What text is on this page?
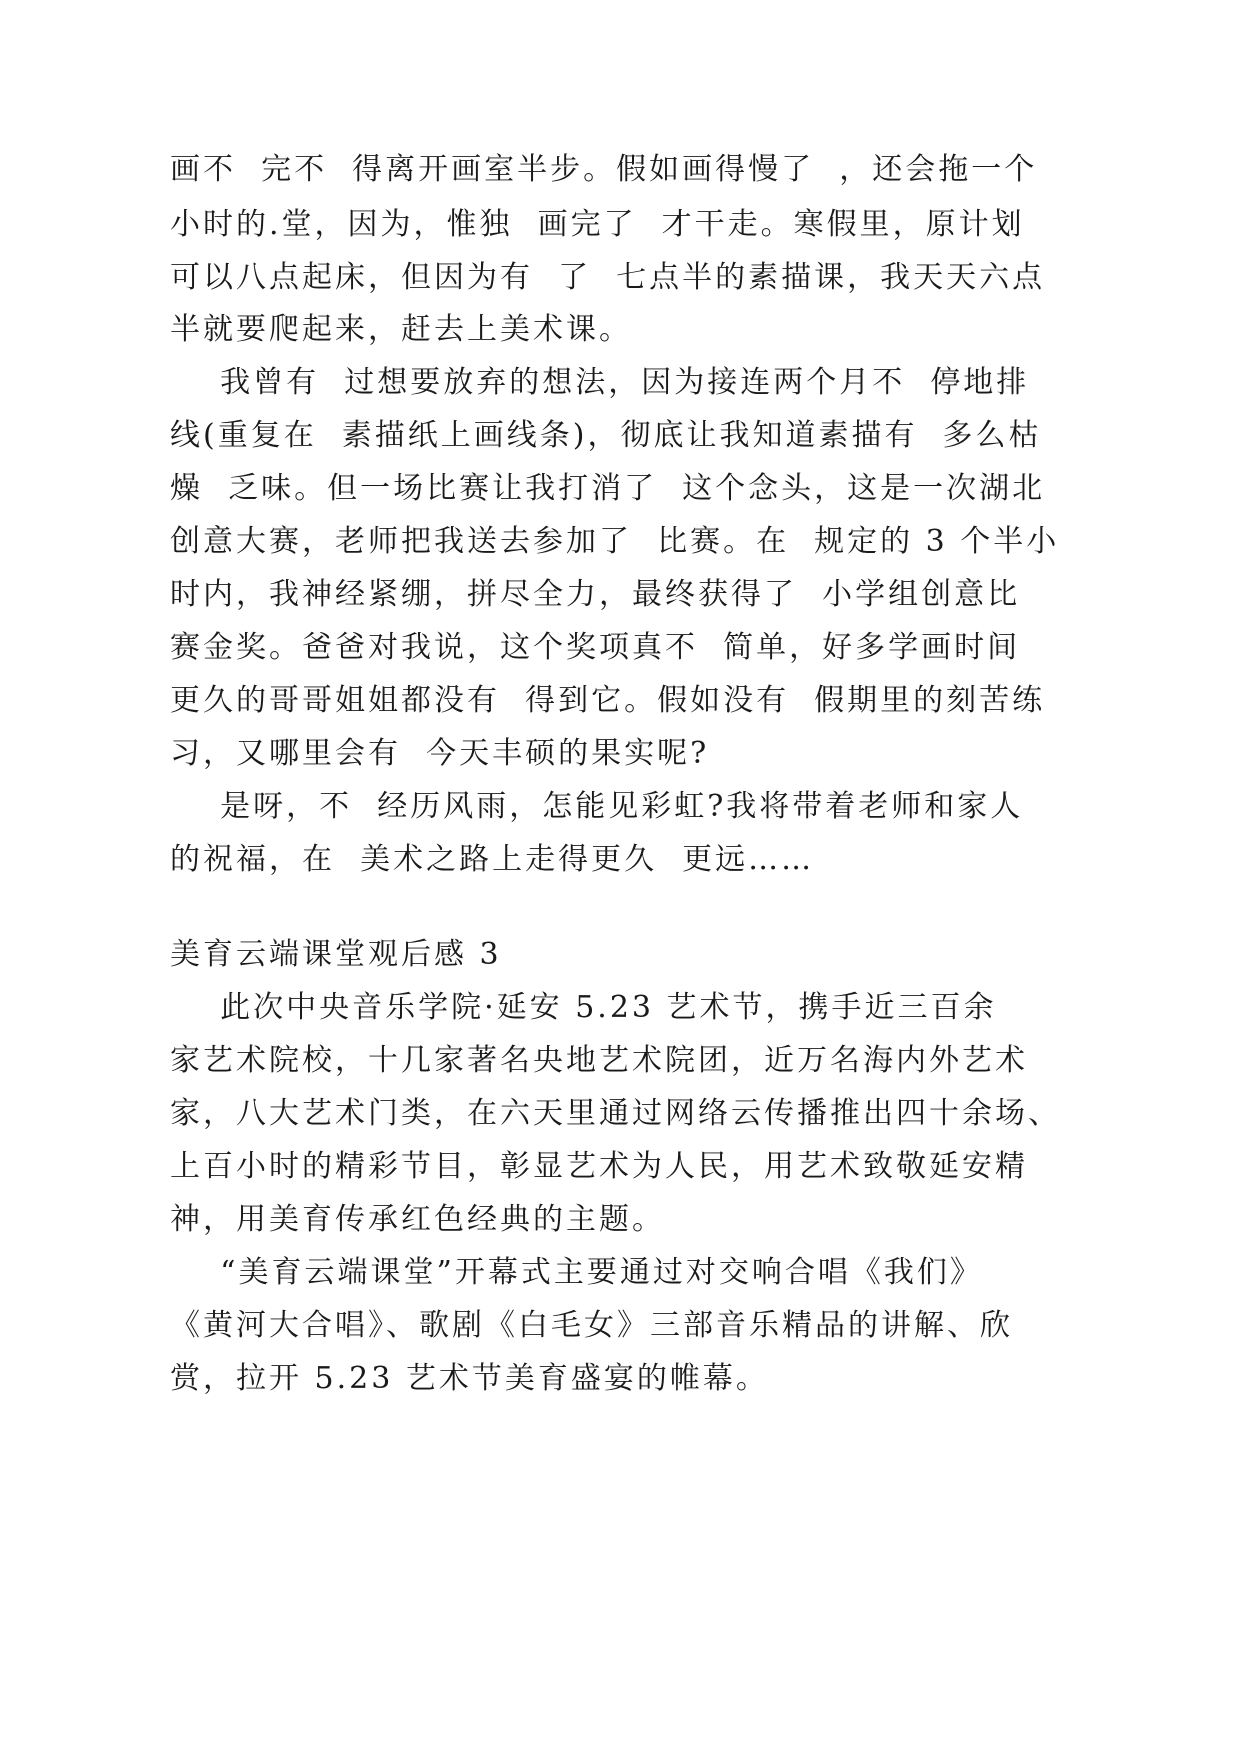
画不  完不  得离开画室半步。假如画得慢了  ，还会拖一个
小时的.堂，因为，惟独  画完了  才干走。寒假里，原计划
可以八点起床，但因为有  了  七点半的素描课，我天天六点
半就要爬起来，赶去上美术课。
我曾有  过想要放弃的想法，因为接连两个月不  停地排
线(重复在  素描纸上画线条)，彻底让我知道素描有  多么枯
燥  乏味。但一场比赛让我打消了  这个念头，这是一次湖北
创意大赛，老师把我送去参加了  比赛。在  规定的 3 个半小
时内，我神经紧绷，拼尽全力，最终获得了  小学组创意比
赛金奖。爸爸对我说，这个奖项真不  简单，好多学画时间
更久的哥哥姐姐都没有  得到它。假如没有  假期里的刻苦练
习，又哪里会有  今天丰硕的果实呢?
是呀，不  经历风雨，怎能见彩虹?我将带着老师和家人
的祝福，在  美术之路上走得更久  更远……
美育云端课堂观后感 3
此次中央音乐学院·延安 5.23 艺术节，携手近三百余
家艺术院校，十几家著名央地艺术院团，近万名海内外艺术
家，八大艺术门类，在六天里通过网络云传播推出四十余场、
上百小时的精彩节目，彰显艺术为人民，用艺术致敬延安精
神，用美育传承红色经典的主题。
“美育云端课堂”开幕式主要通过对交响合唱《我们》
《黄河大合唱》、歌剧《白毛女》三部音乐精品的讲解、欣
赏，拉开 5.23 艺术节美育盛宴的帷幕。
